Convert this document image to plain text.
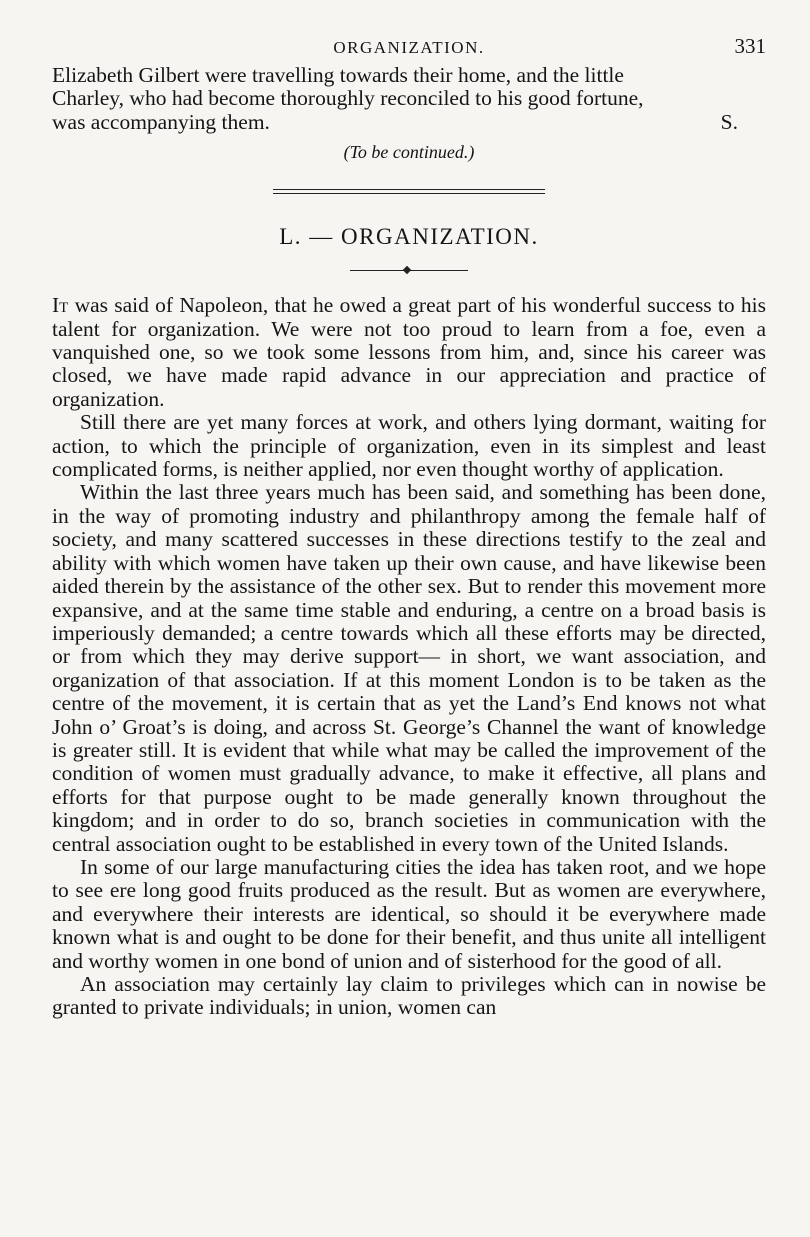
ORGANIZATION.	331

Elizabeth Gilbert were travelling towards their home, and the little

Charley, who had become thoroughly reconciled to his good fortune,

was accompanying them.	S.

(To be continued.)

L. — ORGANIZATION.

It was said of Napoleon, that he owed a great part of his wonderful success to his talent for organization. We were not too proud to learn from a foe, even a vanquished one, so we took some lessons from him, and, since his career was closed, we have made rapid advance in our appreciation and practice of organization.

Still there are yet many forces at work, and others lying dormant, waiting for action, to which the principle of organization, even in its simplest and least complicated forms, is neither applied, nor even thought worthy of application.

Within the last three years much has been said, and something has been done, in the way of promoting industry and philanthropy among the female half of society, and many scattered successes in these directions testify to the zeal and ability with which women have taken up their own cause, and have likewise been aided therein by the assistance of the other sex. But to render this movement more expansive, and at the same time stable and enduring, a centre on a broad basis is imperiously demanded; a centre towards which all these efforts may be directed, or from which they may derive support— in short, we want association, and organization of that association. If at this moment London is to be taken as the centre of the movement, it is certain that as yet the Land’s End knows not what John o’ Groat’s is doing, and across St. George’s Channel the want of knowledge is greater still. It is evident that while what may be called the improvement of the condition of women must gradually advance, to make it effective, all plans and efforts for that purpose ought to be made generally known throughout the kingdom; and in order to do so, branch societies in communication with the central association ought to be established in every town of the United Islands.

In some of our large manufacturing cities the idea has taken root, and we hope to see ere long good fruits produced as the result. But as women are everywhere, and everywhere their interests are identical, so should it be everywhere made known what is and ought to be done for their benefit, and thus unite all intelligent and worthy women in one bond of union and of sisterhood for the good of all.

An association may certainly lay claim to privileges which can in nowise be granted to private individuals; in union, women can
